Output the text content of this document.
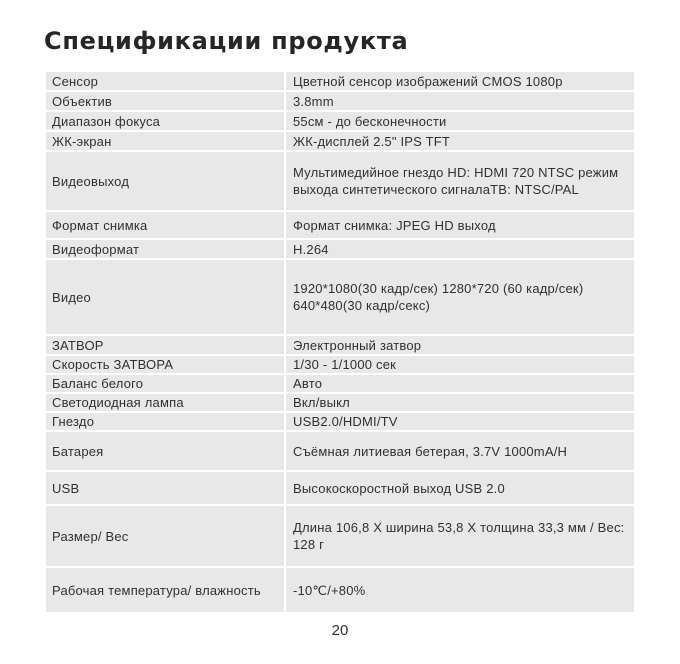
Спецификации продукта
Сенсор	Цветной сенсор изображений CMOS 1080p
Объектив	3.8mm
Диапазон фокуса	55см - до бесконечности
ЖК-экран	ЖК-дисплей 2.5" IPS TFT
Видеовыход	Мультимедийное гнездо HD: HDMI 720 NTSC режим выхода синтетического сигналаТВ: NTSC/PAL
Формат снимка	Формат снимка: JPEG HD выход
Видеоформат	H.264
Видео	1920*1080(30 кадр/сек) 1280*720 (60 кадр/сек) 640*480(30 кадр/секс)
ЗАТВОР	Электронный затвор
Скорость ЗАТВОРА	1/30 - 1/1000 сек
Баланс белого	Авто
Светодиодная лампа	Вкл/выкл
Гнездо	USB2.0/HDMI/TV
Батарея	Съёмная литиевая бетерая, 3.7V 1000mA/H
USB	Высокоскоростной выход USB 2.0
Размер/ Вес	Длина 106,8 Х ширина 53,8 Х толщина 33,3 мм / Вес: 128 г
Рабочая температура/ влажность	-10℃/+80%
20
